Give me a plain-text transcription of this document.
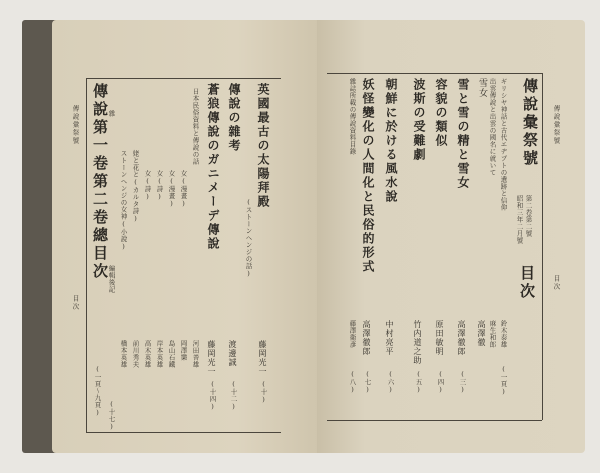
傳說彙祭號
目次
英國最古の太陽拜殿
(ストーンヘンジの話)
傳說の雜考
蒼狼傳說のガニメーデ傳說
日本民俗資料と傳說の話
女(漫畫)
女(漫畫)
女(詩)
女(詩)
姥と花と(カルタ詩)
ストーンヘンジの女神(小說)
編輯後記
(十七)
傳說第一卷第二卷總目次
(一頁〜九頁)
藤岡光一
(十)
渡邊誠
(十二)
藤岡光一
(十四)
河田善雄
岡澤樂
島山石鐵
岸本英雄
高木英雄
前川秀夫
橋本英雄
雜	傳說彙祭號
目次
傳說彙祭號
第二卷第二號
昭和三年二月號
目次
ギリシヤ神話と古代エヂプトの遺跡と信仰
出雲傳說と出雲の國名に就いて
雪女
雪と雪の精と雪女
容貌の類似
波斯の受難劇
朝鮮に於ける風水說
妖怪變化の人間化と民俗的形式
雜誌所載の傳說資料目錄
鈴木泰雄
(一頁)
麻生和郎
高澤徹
高澤徹郎
(三)
原田敏明
(四)
竹内道之助
(五)
中村亮平
(六)
高澤徹郎
(七)
藤澤衛彥
(八)
